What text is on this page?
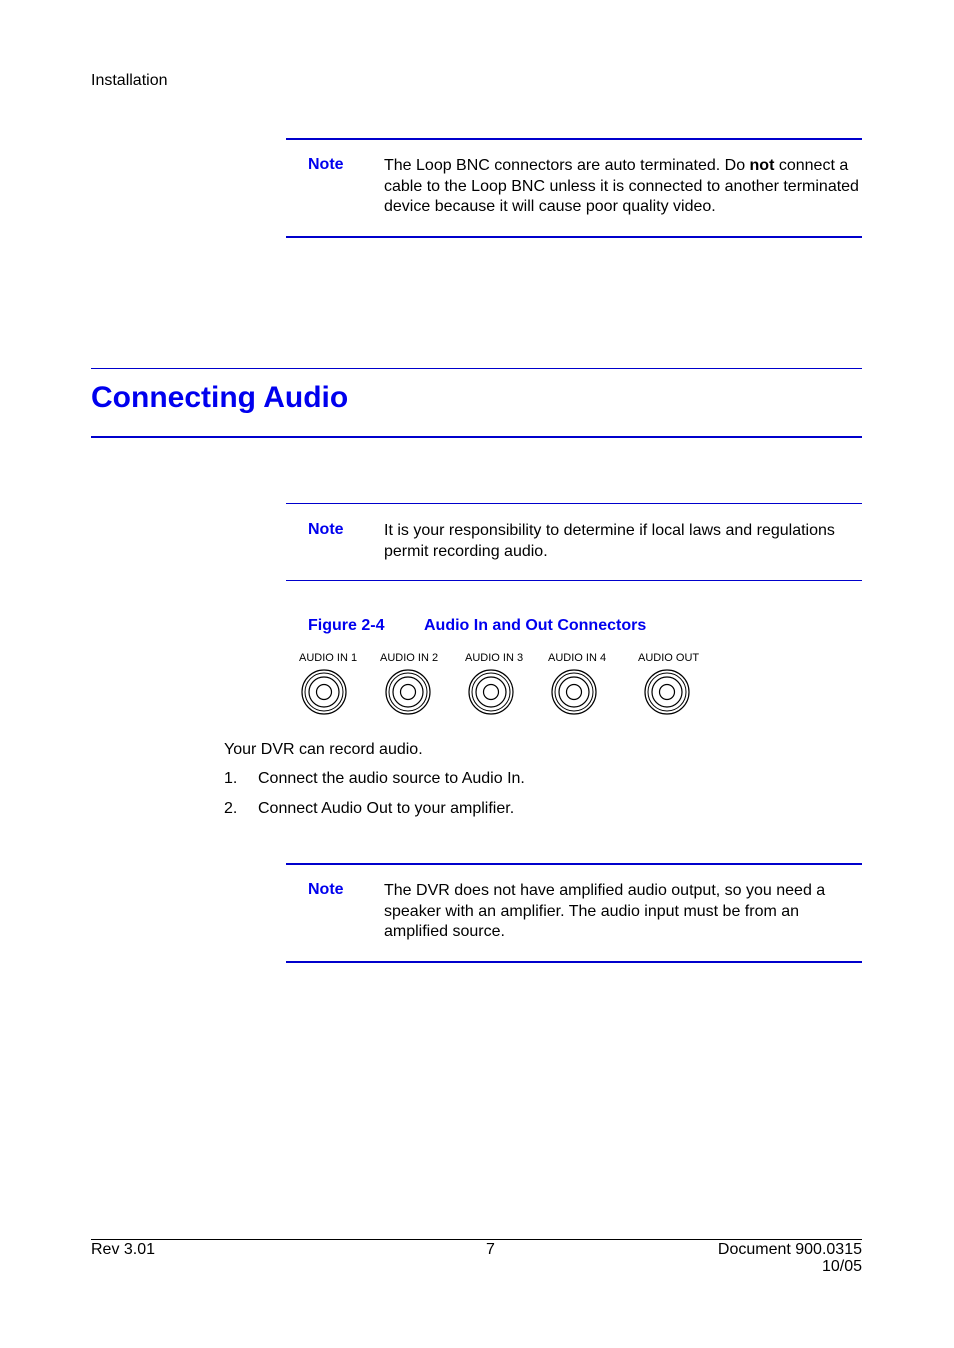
Installation
Note	The Loop BNC connectors are auto terminated. Do not connect a cable to the Loop BNC unless it is connected to another terminated device because it will cause poor quality video.
Connecting Audio
Note	It is your responsibility to determine if local laws and regulations permit recording audio.
Figure 2-4 Audio In and Out Connectors
AUDIO IN 1 AUDIO IN 2 AUDIO IN 3 AUDIO IN 4	AUDIO OUT
Your DVR can record audio.
1. Connect the audio source to Audio In.
2. Connect Audio Out to your amplifier.
Note	The DVR does not have amplified audio output, so you need a speaker with an amplifier. The audio input must be from an amplified source.
Rev 3.01	7	Document 900.0315
10/05
